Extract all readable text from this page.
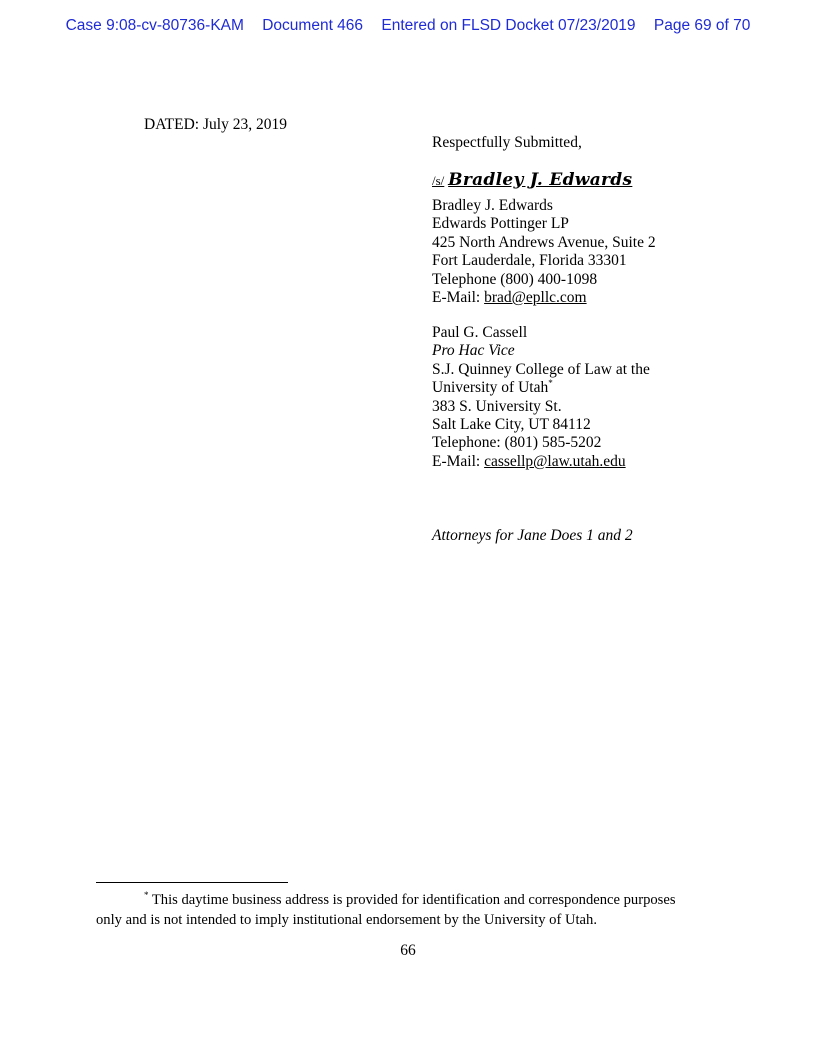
Case 9:08-cv-80736-KAM Document 466 Entered on FLSD Docket 07/23/2019 Page 69 of 70
DATED: July 23, 2019
Respectfully Submitted,
/s/ Bradley J. Edwards
Bradley J. Edwards
Edwards Pottinger LP
425 North Andrews Avenue, Suite 2
Fort Lauderdale, Florida 33301
Telephone (800) 400-1098
E-Mail: brad@epllc.com
Paul G. Cassell
Pro Hac Vice
S.J. Quinney College of Law at the
University of Utah*
383 S. University St.
Salt Lake City, UT 84112
Telephone: (801) 585-5202
E-Mail: cassellp@law.utah.edu
Attorneys for Jane Does 1 and 2
* This daytime business address is provided for identification and correspondence purposes
only and is not intended to imply institutional endorsement by the University of Utah.
66
